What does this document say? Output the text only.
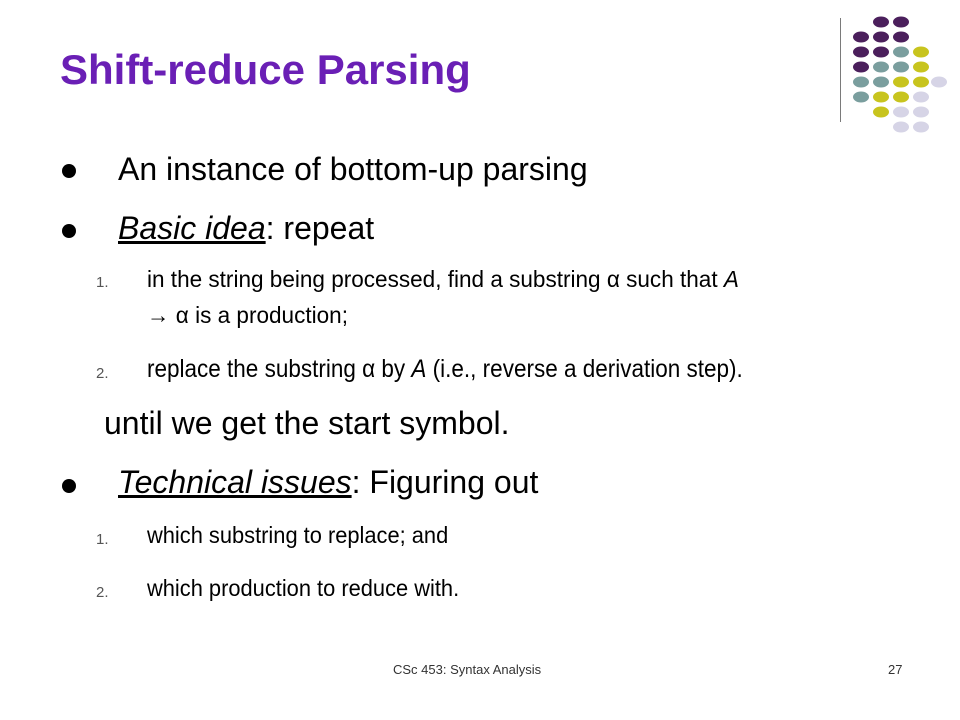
Shift-reduce Parsing
An instance of bottom-up parsing
Basic idea: repeat
1. in the string being processed, find a substring α such that A
→ α is a production;
2. replace the substring α by A (i.e., reverse a derivation step).
until we get the start symbol.
Technical issues: Figuring out
1. which substring to replace; and
2. which production to reduce with.
CSc 453: Syntax Analysis	27
